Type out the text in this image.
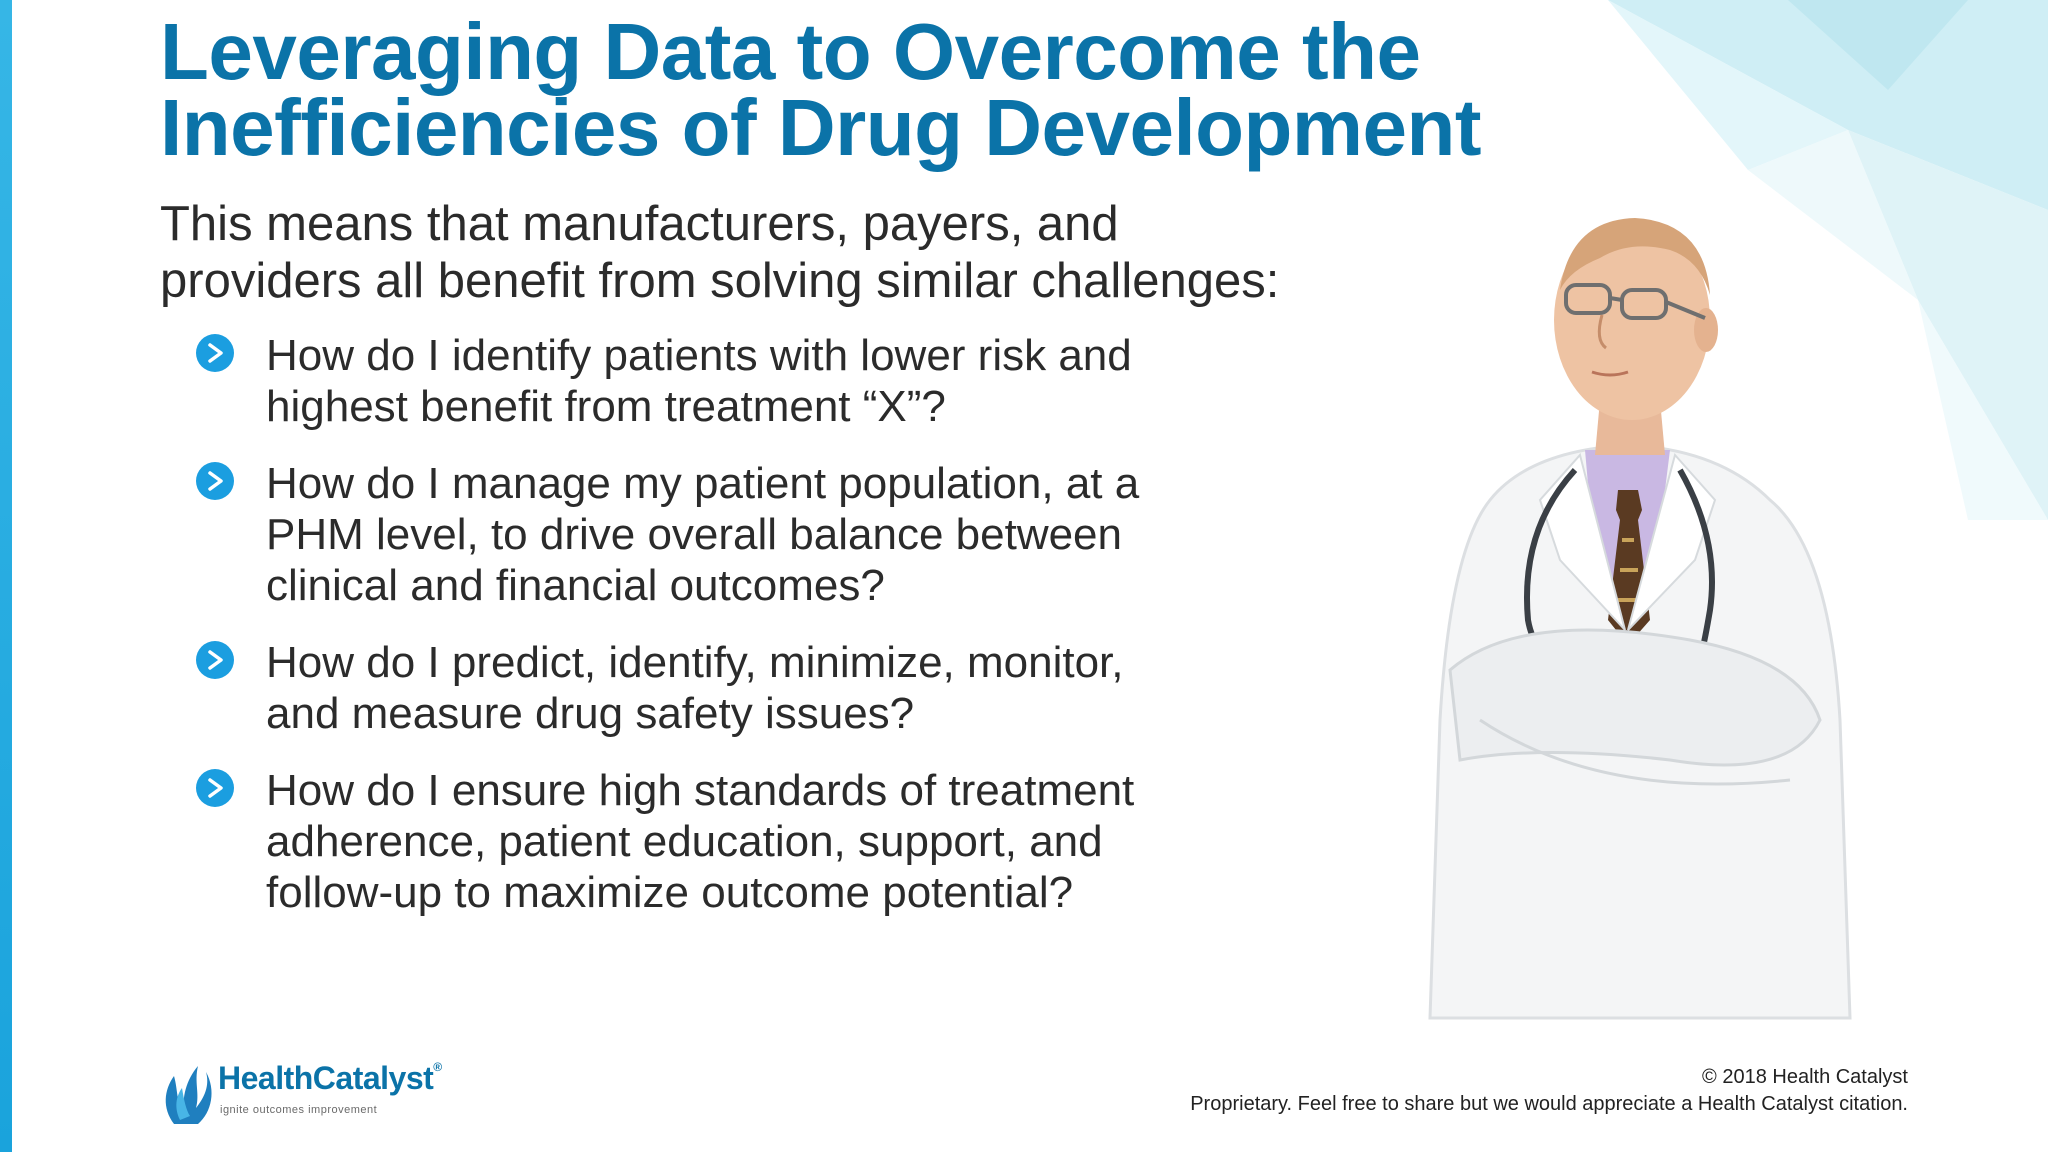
Leveraging Data to Overcome the
Inefficiencies of Drug Development
This means that manufacturers, payers, and
providers all benefit from solving similar challenges:
How do I identify patients with lower risk and
highest benefit from treatment “X”?
How do I manage my patient population, at a
PHM level, to drive overall balance between
clinical and financial outcomes?
How do I predict, identify, minimize, monitor,
and measure drug safety issues?
How do I ensure high standards of treatment
adherence, patient education, support, and
follow-up to maximize outcome potential?
HealthCatalyst®
ignite outcomes improvement
© 2018 Health Catalyst
Proprietary. Feel free to share but we would appreciate a Health Catalyst citation.
